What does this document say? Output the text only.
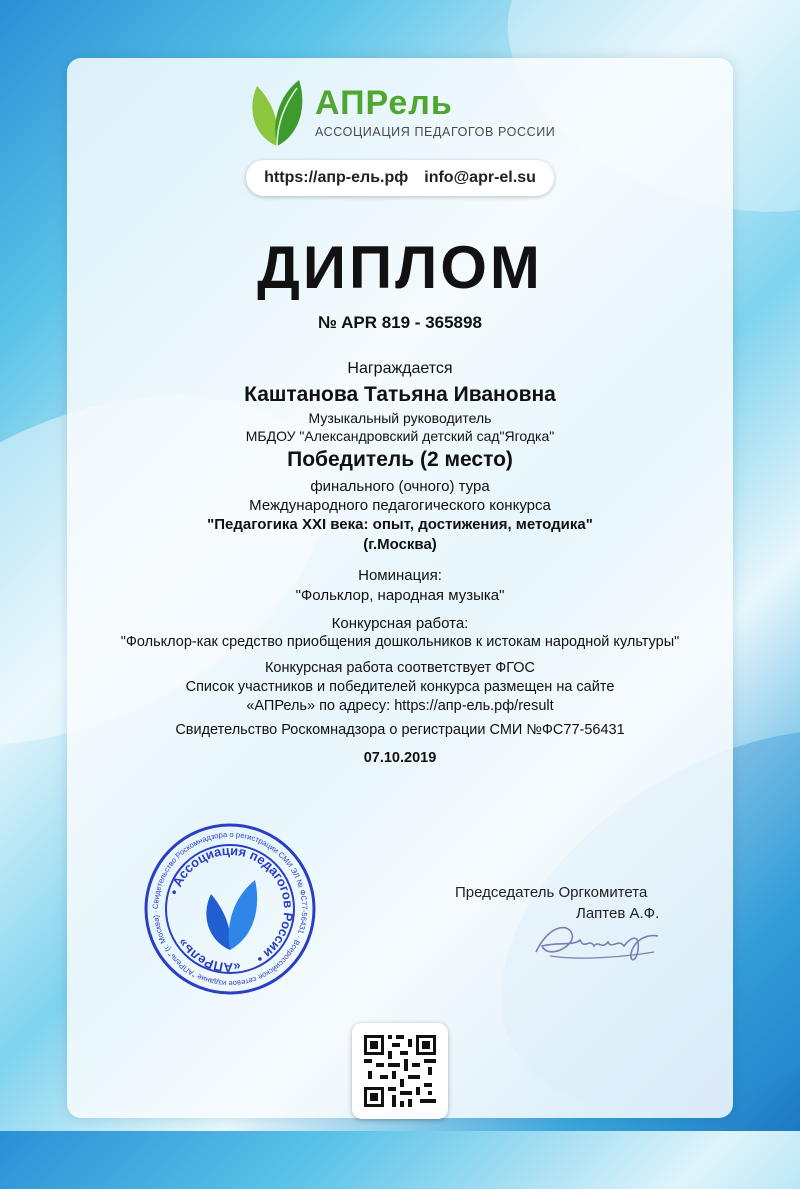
АПРель
АССОЦИАЦИЯ ПЕДАГОГОВ РОССИИ
https://апр-ель.рф info@apr-el.su
ДИПЛОМ
№ APR 819 - 365898
Награждается
Каштанова Татьяна Ивановна
Музыкальный руководитель
МБДОУ "Александровский детский сад"Ягодка"
Победитель (2 место)
финального (очного) тура
Международного педагогического конкурса
"Педагогика XXI века: опыт, достижения, методика"
(г.Москва)
Номинация:
"Фольклор, народная музыка"
Конкурсная работа:
"Фольклор-как средство приобщения дошкольников к истокам народной культуры"
Конкурсная работа соответствует ФГОС
Список участников и победителей конкурса размещен на сайте
«АПРель» по адресу: https://апр-ель.рф/result
Свидетельство Роскомнадзора о регистрации СМИ №ФС77-56431
07.10.2019
Свидетельство Роскомнадзора о регистрации СМИ ЭЛ № ФС77-56431 · Всероссийское сетевое издание "АПРель" (г. Москва) ·
• Ассоциация педагогов России •
«АПРель»
Председатель Оргкомитета
Лаптев А.Ф.
